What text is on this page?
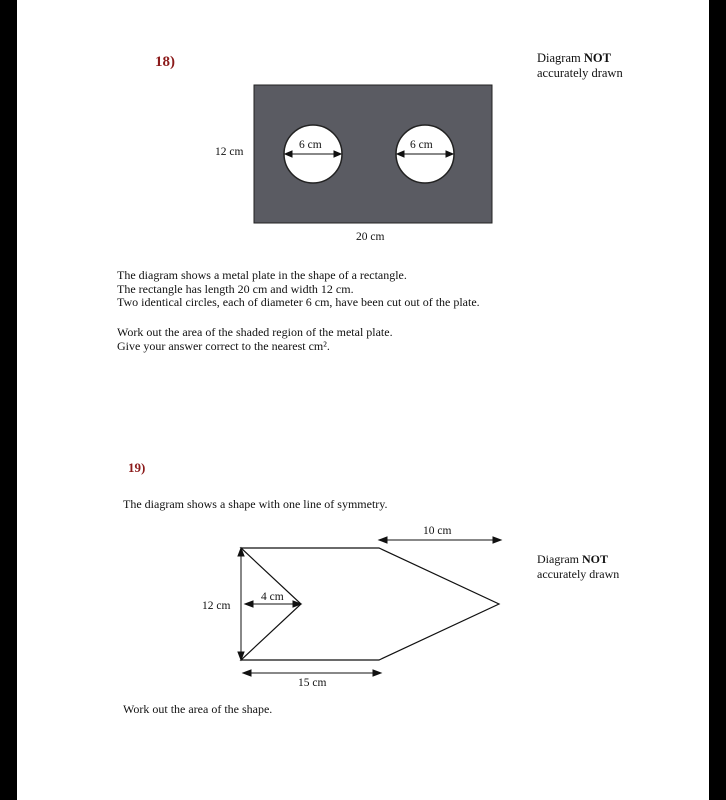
18)	Diagram NOT
accurately drawn
12 cm
6 cm	6 cm
20 cm
The diagram shows a metal plate in the shape of a rectangle.
The rectangle has length 20 cm and width 12 cm.
Two identical circles, each of diameter 6 cm, have been cut out of the plate.
Work out the area of the shaded region of the metal plate.
Give your answer correct to the nearest cm².
19)
The diagram shows a shape with one line of symmetry.
Diagram NOT
accurately drawn
10 cm
12 cm
4 cm
15 cm
Work out the area of the shape.
